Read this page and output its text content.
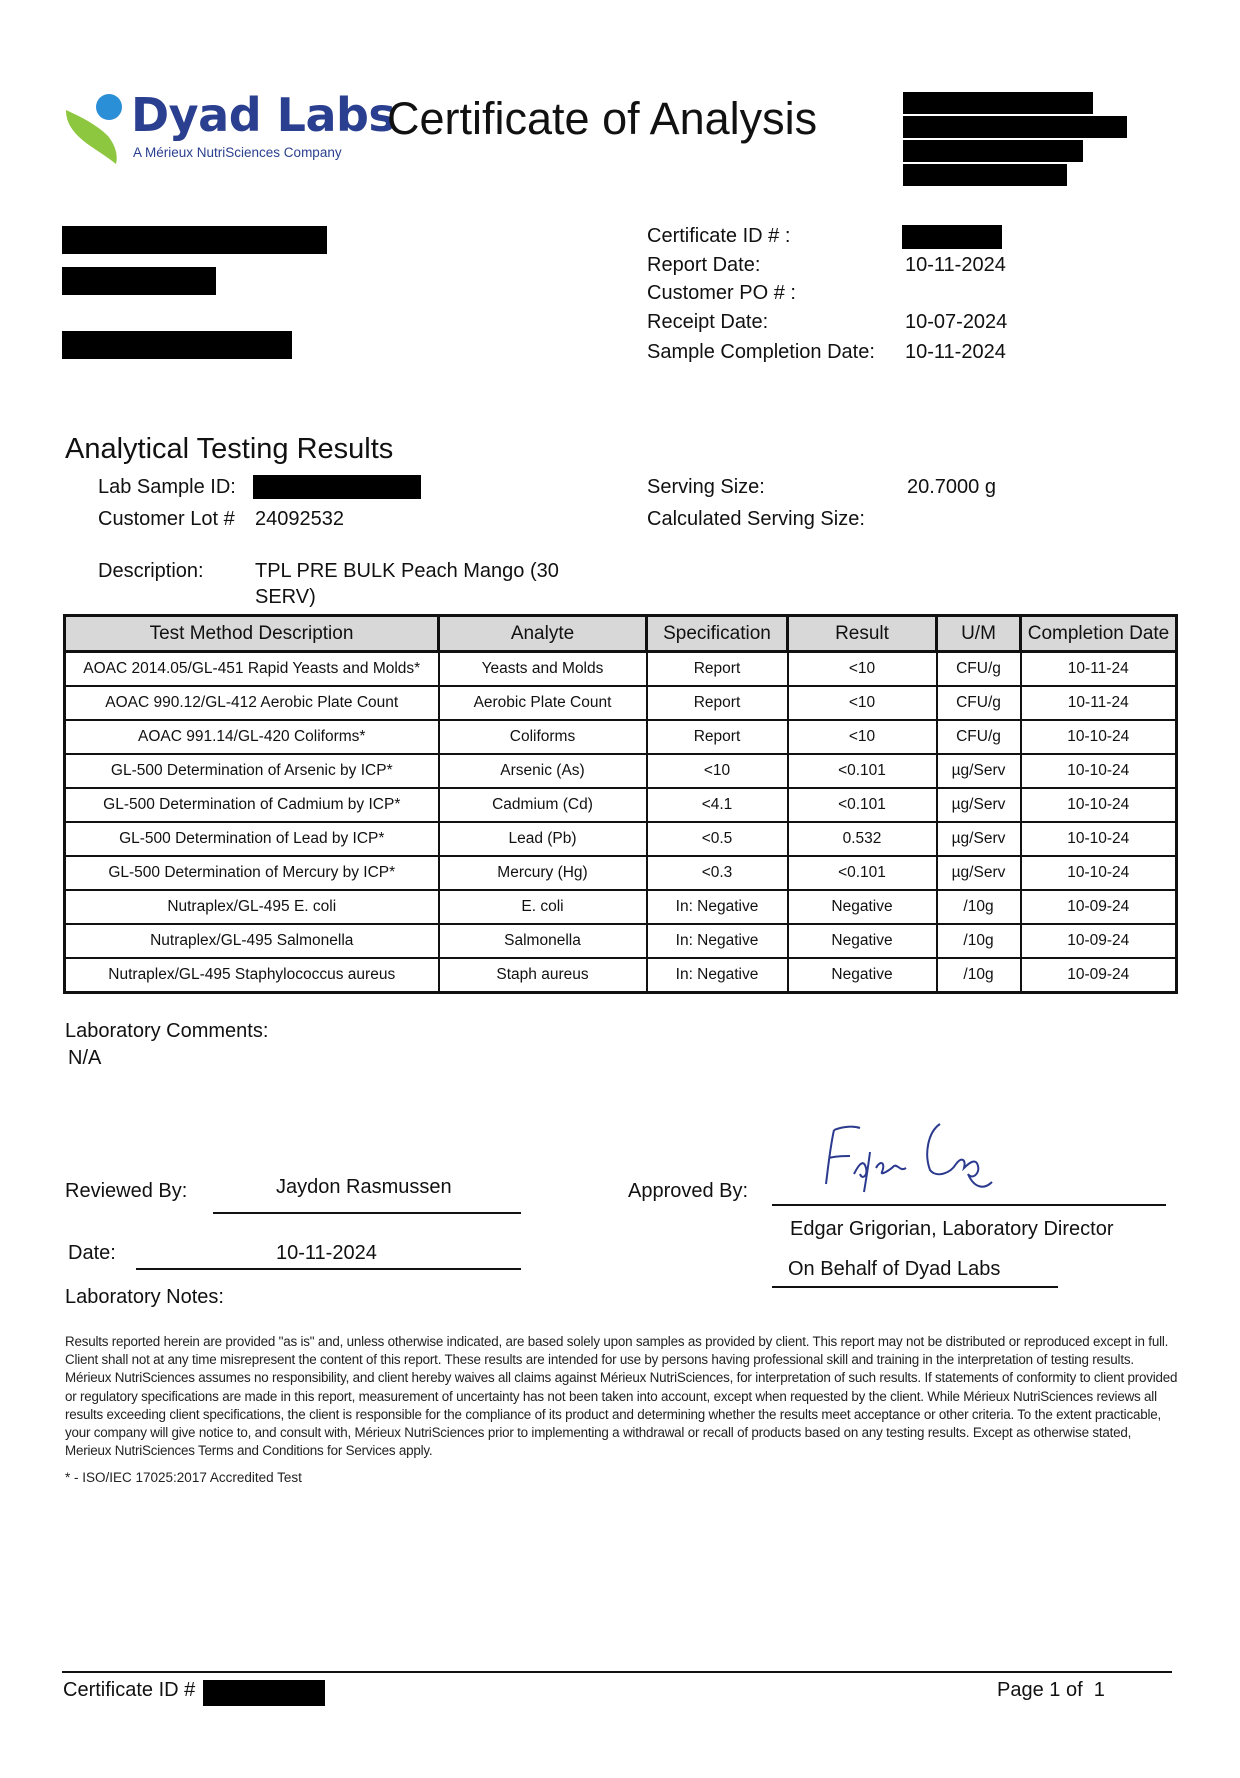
Dyad Labs
A Mérieux NutriSciences Company
Certificate of Analysis
Certificate ID # :
Report Date:	10-11-2024
Customer PO # :
Receipt Date:	10-07-2024
Sample Completion Date: 10-11-2024
Analytical Testing Results
Lab Sample ID:
Customer Lot # 24092532
Serving Size:	20.7000 g
Calculated Serving Size:
Description:	TPL PRE BULK Peach Mango (30
SERV)
Test Method Description	Analyte	Specification	Result	U/M	Completion Date
AOAC 2014.05/GL-451 Rapid Yeasts and Molds*	Yeasts and Molds	Report	<10	CFU/g	10-11-24
AOAC 990.12/GL-412 Aerobic Plate Count	Aerobic Plate Count	Report	<10	CFU/g	10-11-24
AOAC 991.14/GL-420 Coliforms*	Coliforms	Report	<10	CFU/g	10-10-24
GL-500 Determination of Arsenic by ICP*	Arsenic (As)	<10	<0.101	µg/Serv	10-10-24
GL-500 Determination of Cadmium by ICP*	Cadmium (Cd)	<4.1	<0.101	µg/Serv	10-10-24
GL-500 Determination of Lead by ICP*	Lead (Pb)	<0.5	0.532	µg/Serv	10-10-24
GL-500 Determination of Mercury by ICP*	Mercury (Hg)	<0.3	<0.101	µg/Serv	10-10-24
Nutraplex/GL-495 E. coli	E. coli	In: Negative	Negative	/10g	10-09-24
Nutraplex/GL-495 Salmonella	Salmonella	In: Negative	Negative	/10g	10-09-24
Nutraplex/GL-495 Staphylococcus aureus	Staph aureus	In: Negative	Negative	/10g	10-09-24
Laboratory Comments:
N/A
Reviewed By:	Jaydon Rasmussen	Approved By:
Edgar Grigorian, Laboratory Director
On Behalf of Dyad Labs
Date:	10-11-2024
Laboratory Notes:
Results reported herein are provided "as is" and, unless otherwise indicated, are based solely upon samples as provided by client. This report may not be distributed or reproduced except in full. Client shall not at any time misrepresent the content of this report. These results are intended for use by persons having professional skill and training in the interpretation of testing results. Mérieux NutriSciences assumes no responsibility, and client hereby waives all claims against Mérieux NutriSciences, for interpretation of such results. If statements of conformity to client provided or regulatory specifications are made in this report, measurement of uncertainty has not been taken into account, except when requested by the client. While Mérieux NutriSciences reviews all results exceeding client specifications, the client is responsible for the compliance of its product and determining whether the results meet acceptance or other criteria. To the extent practicable, your company will give notice to, and consult with, Mérieux NutriSciences prior to implementing a withdrawal or recall of products based on any testing results. Except as otherwise stated, Merieux NutriSciences Terms and Conditions for Services apply.
* - ISO/IEC 17025:2017 Accredited Test
Certificate ID #	Page 1 of  1
